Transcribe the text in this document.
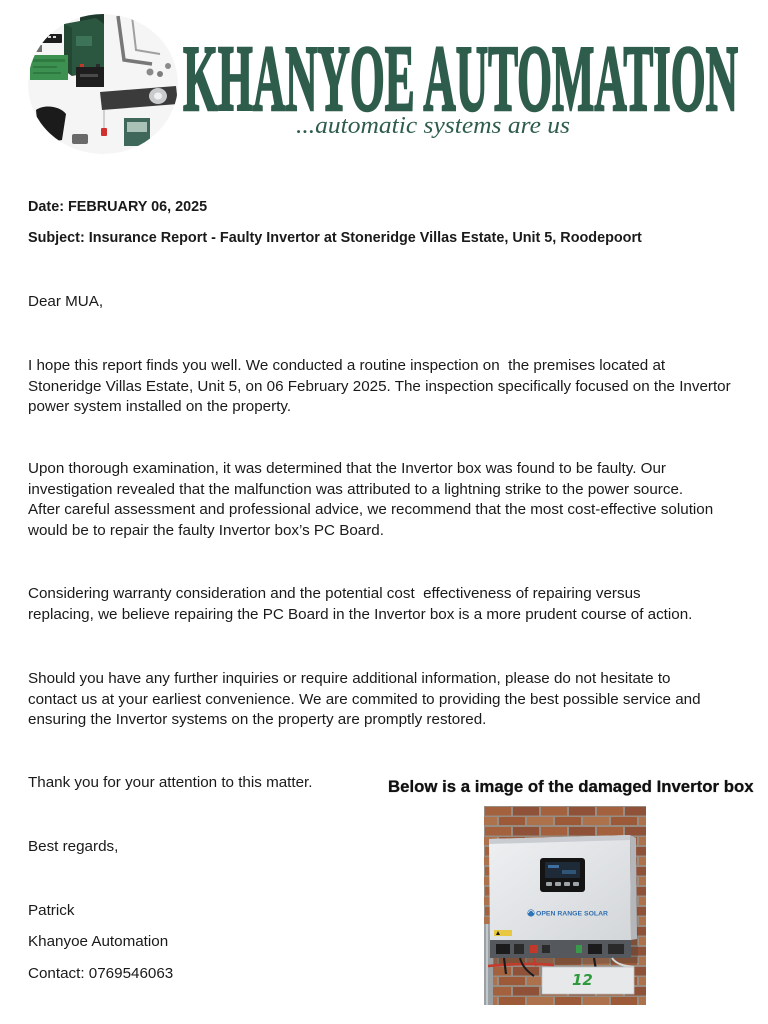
KHANYOE AUTOMATION
...automatic systems are us
Date: FEBRUARY 06, 2025
Subject: Insurance Report - Faulty Invertor at Stoneridge Villas Estate, Unit 5, Roodepoort
Dear MUA,
I hope this report finds you well. We conducted a routine inspection on  the premises located at
Stoneridge Villas Estate, Unit 5, on 06 February 2025. The inspection specifically focused on the Invertor
power system installed on the property.
Upon thorough examination, it was determined that the Invertor box was found to be faulty. Our
investigation revealed that the malfunction was attributed to a lightning strike to the power source.
After careful assessment and professional advice, we recommend that the most cost-effective solution
would be to repair the faulty Invertor box’s PC Board.
Considering warranty consideration and the potential cost  effectiveness of repairing versus
replacing, we believe repairing the PC Board in the Invertor box is a more prudent course of action.
Should you have any further inquiries or require additional information, please do not hesitate to
contact us at your earliest convenience. We are commited to providing the best possible service and
ensuring the Invertor systems on the property are promptly restored.
Thank you for your attention to this matter.
Best regards,
Patrick
Khanyoe Automation
Contact: 0769546063
Below is a image of the damaged Invertor box
OPEN RANGE SOLAR
12
